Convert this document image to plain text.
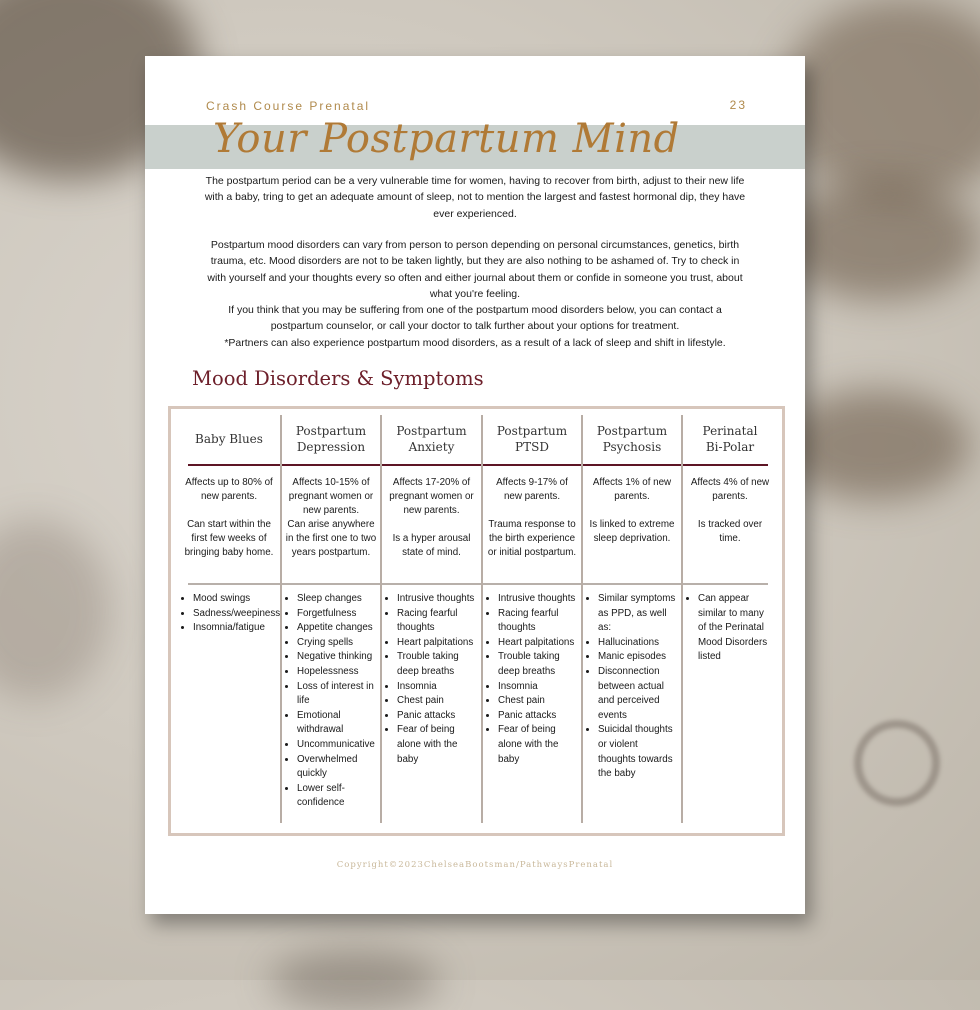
Crash Course Prenatal	23
Your Postpartum Mind
The postpartum period can be a very vulnerable time for women, having to recover from birth, adjust to their new life with a baby, tring to get an adequate amount of sleep, not to mention the largest and fastest hormonal dip, they have ever experienced.
Postpartum mood disorders can vary from person to person depending on personal circumstances, genetics, birth trauma, etc. Mood disorders are not to be taken lightly, but they are also nothing to be ashamed of. Try to check in with yourself and your thoughts every so often and either journal about them or confide in someone you trust, about what you're feeling.
If you think that you may be suffering from one of the postpartum mood disorders below, you can contact a postpartum counselor, or call your doctor to talk further about your options for treatment.
*Partners can also experience postpartum mood disorders, as a result of a lack of sleep and shift in lifestyle.
Mood Disorders & Symptoms
Baby Blues
Affects up to 80% of new parents.

Can start within the first few weeks of bringing baby home.
• Mood swings
• Sadness/weepiness
• Insomnia/fatigue
Postpartum
Depression
Affects 10-15% of pregnant women or new parents.
Can arise anywhere in the first one to two years postpartum.
• Sleep changes
• Forgetfulness
• Appetite changes
• Crying spells
• Negative thinking
• Hopelessness
• Loss of interest in life
• Emotional withdrawal
• Uncommunicative
• Overwhelmed quickly
• Lower self-confidence
Postpartum
Anxiety
Affects 17-20% of pregnant women or new parents.

Is a hyper arousal state of mind.
• Intrusive thoughts
• Racing fearful thoughts
• Heart palpitations
• Trouble taking deep breaths
• Insomnia
• Chest pain
• Panic attacks
• Fear of being alone with the baby
Postpartum
PTSD
Affects 9-17% of new parents.

Trauma response to the birth experience or initial postpartum.
• Intrusive thoughts
• Racing fearful thoughts
• Heart palpitations
• Trouble taking deep breaths
• Insomnia
• Chest pain
• Panic attacks
• Fear of being alone with the baby
Postpartum
Psychosis
Affects 1% of new parents.

Is linked to extreme sleep deprivation.
• Similar symptoms as PPD, as well as:
• Hallucinations
• Manic episodes
• Disconnection between actual and perceived events
• Suicidal thoughts or violent thoughts towards the baby
Perinatal
Bi-Polar
Affects 4% of new parents.

Is tracked over time.
• Can appear similar to many of the Perinatal Mood Disorders listed
Copyright©2023ChelseaBootsman/PathwaysPrenatal
